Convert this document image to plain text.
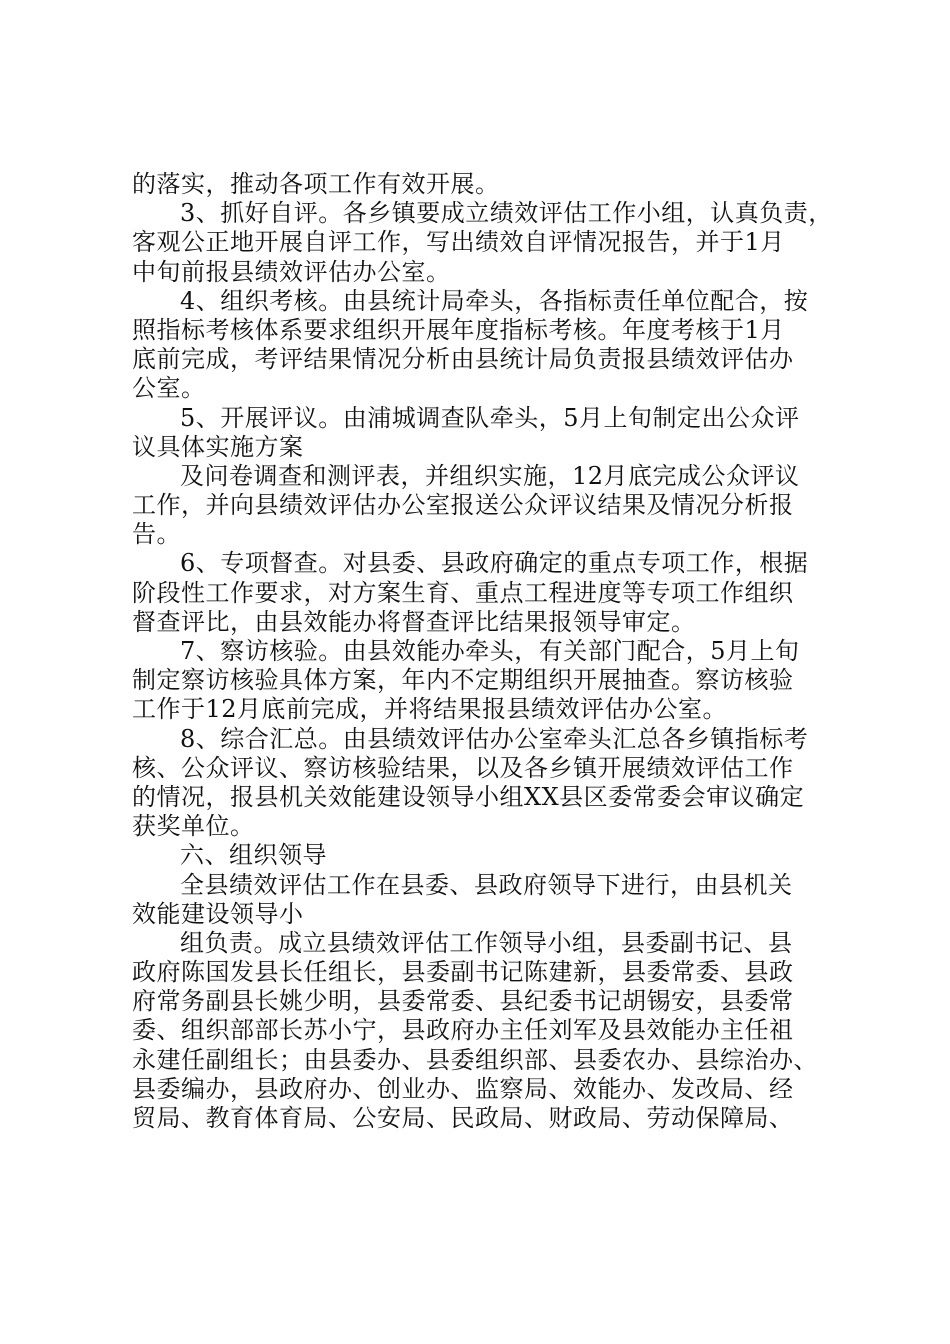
的落实，推动各项工作有效开展。
3、抓好自评。各乡镇要成立绩效评估工作小组，认真负责，
客观公正地开展自评工作，写出绩效自评情况报告，并于1月
中旬前报县绩效评估办公室。
4、组织考核。由县统计局牵头，各指标责任单位配合，按
照指标考核体系要求组织开展年度指标考核。年度考核于1月
底前完成，考评结果情况分析由县统计局负责报县绩效评估办
公室。
5、开展评议。由浦城调查队牵头，5月上旬制定出公众评
议具体实施方案
及问卷调查和测评表，并组织实施，12月底完成公众评议
工作，并向县绩效评估办公室报送公众评议结果及情况分析报
告。
6、专项督查。对县委、县政府确定的重点专项工作，根据
阶段性工作要求，对方案生育、重点工程进度等专项工作组织
督查评比，由县效能办将督查评比结果报领导审定。
7、察访核验。由县效能办牵头，有关部门配合，5月上旬
制定察访核验具体方案，年内不定期组织开展抽查。察访核验
工作于12月底前完成，并将结果报县绩效评估办公室。
8、综合汇总。由县绩效评估办公室牵头汇总各乡镇指标考
核、公众评议、察访核验结果，以及各乡镇开展绩效评估工作
的情况，报县机关效能建设领导小组XX县区委常委会审议确定
获奖单位。
六、组织领导
全县绩效评估工作在县委、县政府领导下进行，由县机关
效能建设领导小
组负责。成立县绩效评估工作领导小组，县委副书记、县
政府陈国发县长任组长，县委副书记陈建新，县委常委、县政
府常务副县长姚少明，县委常委、县纪委书记胡锡安，县委常
委、组织部部长苏小宁，县政府办主任刘军及县效能办主任祖
永建任副组长；由县委办、县委组织部、县委农办、县综治办、
县委编办，县政府办、创业办、监察局、效能办、发改局、经
贸局、教育体育局、公安局、民政局、财政局、劳动保障局、
